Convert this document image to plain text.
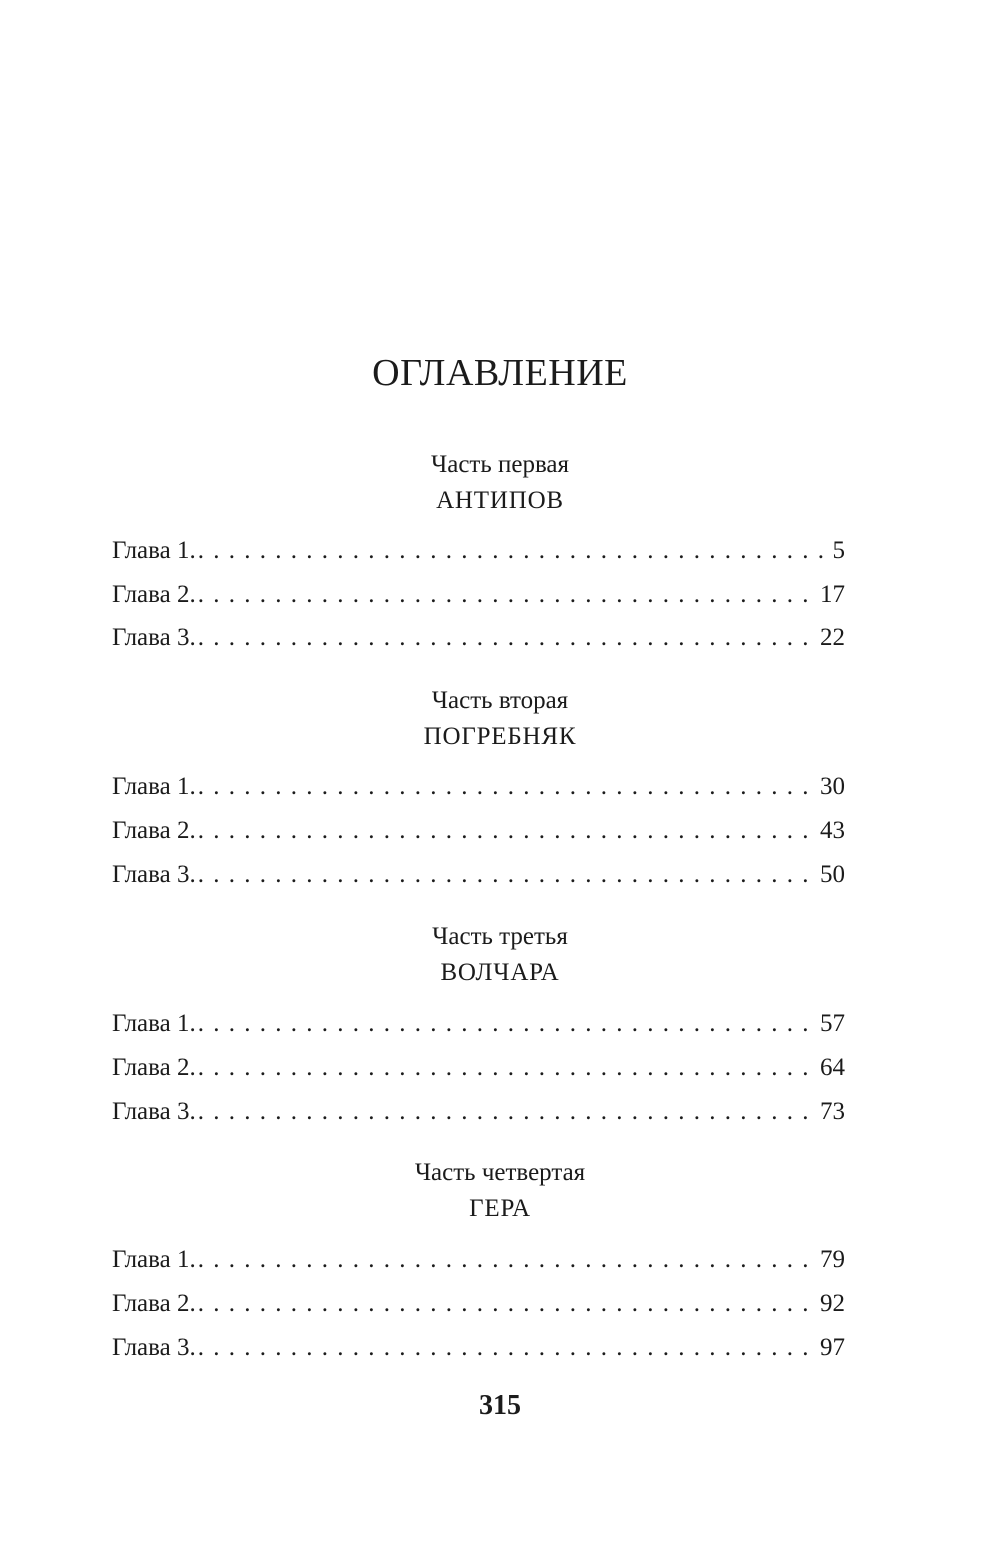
ОГЛАВЛЕНИЕ
Часть первая
АНТИПОВ
Глава 1. . . .	5
Глава 2. . . .	17
Глава 3. . . .	22
Часть вторая
ПОГРЕБНЯК
Глава 1. . . .	30
Глава 2. . . .	43
Глава 3. . . .	50
Часть третья
ВОЛЧАРА
Глава 1. . . .	57
Глава 2. . . .	64
Глава 3. . . .	73
Часть четвертая
ГЕРА
Глава 1. . . .	79
Глава 2. . . .	92
Глава 3. . . .	97
315
